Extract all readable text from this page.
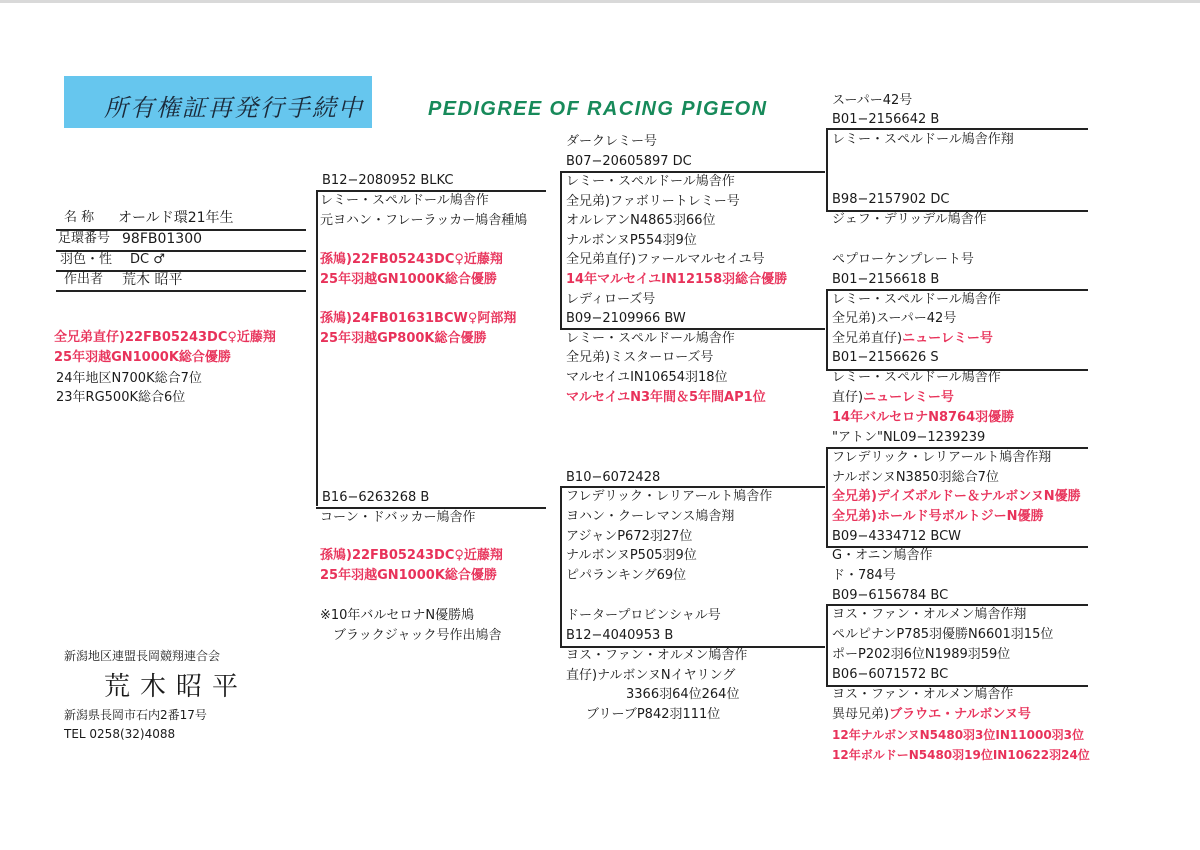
所有権証再発行手続中	PEDIGREE OF RACING PIGEON
名 称 オールド環21年生
足環番号 98FB01300
羽色・性 DC ♂
作出者 荒木 昭平
全兄弟直仔)22FB05243DC♀近藤翔
25年羽越GN1000K総合優勝
24年地区N700K総合7位
23年RG500K総合6位
新潟地区連盟長岡競翔連合会
荒木昭平
新潟県長岡市石内2番17号
TEL 0258(32)4088
B12−2080952 BLKC
レミー・スペルドール鳩舎作
元ヨハン・フレーラッカー鳩舎種鳩
孫鳩)22FB05243DC♀近藤翔
25年羽越GN1000K総合優勝
孫鳩)24FB01631BCW♀阿部翔
25年羽越GP800K総合優勝
B16−6263268 B
コーン・ドバッカー鳩舎作
孫鳩)22FB05243DC♀近藤翔
25年羽越GN1000K総合優勝
※10年バルセロナN優勝鳩
　ブラックジャック号作出鳩舎
ダークレミー号
B07−20605897 DC
レミー・スペルドール鳩舎作
全兄弟)ファボリートレミー号
オルレアンN4865羽66位
ナルボンヌP554羽9位
全兄弟直仔)ファールマルセイユ号
14年マルセイユIN12158羽総合優勝
レディローズ号
B09−2109966 BW
レミー・スペルドール鳩舎作
全兄弟)ミスターローズ号
マルセイユIN10654羽18位
マルセイユN3年間＆5年間AP1位
B10−6072428
フレデリック・レリアールト鳩舎作
ヨハン・クーレマンス鳩舎翔
アジャンP672羽27位
ナルボンヌP505羽9位
ピパランキング69位
ドータープロビンシャル号
B12−4040953 B
ヨス・ファン・オルメン鳩舎作
直仔)ナルボンヌNイヤリング
3366羽64位264位
ブリーブP842羽111位
スーパー42号
B01−2156642 B
レミー・スペルドール鳩舎作翔
B98−2157902 DC
ジェフ・デリッデル鳩舎作
ペプローケンプレート号
B01−2156618 B
レミー・スペルドール鳩舎作
全兄弟)スーパー42号
全兄弟直仔)ニューレミー号
B01−2156626 S
レミー・スペルドール鳩舎作
直仔)ニューレミー号
14年バルセロナN8764羽優勝
"アトン"NL09−1239239
フレデリック・レリアールト鳩舎作翔
ナルボンヌN3850羽総合7位
全兄弟)デイズボルドー＆ナルボンヌN優勝
全兄弟)ホールド号ボルトジーN優勝
B09−4334712 BCW
G・オニン鳩舎作
ド・784号
B09−6156784 BC
ヨス・ファン・オルメン鳩舎作翔
ペルピナンP785羽優勝N6601羽15位
ポーP202羽6位N1989羽59位
B06−6071572 BC
ヨス・ファン・オルメン鳩舎作
異母兄弟)ブラウエ・ナルボンヌ号
12年ナルボンヌN5480羽3位IN11000羽3位
12年ボルドーN5480羽19位IN10622羽24位
